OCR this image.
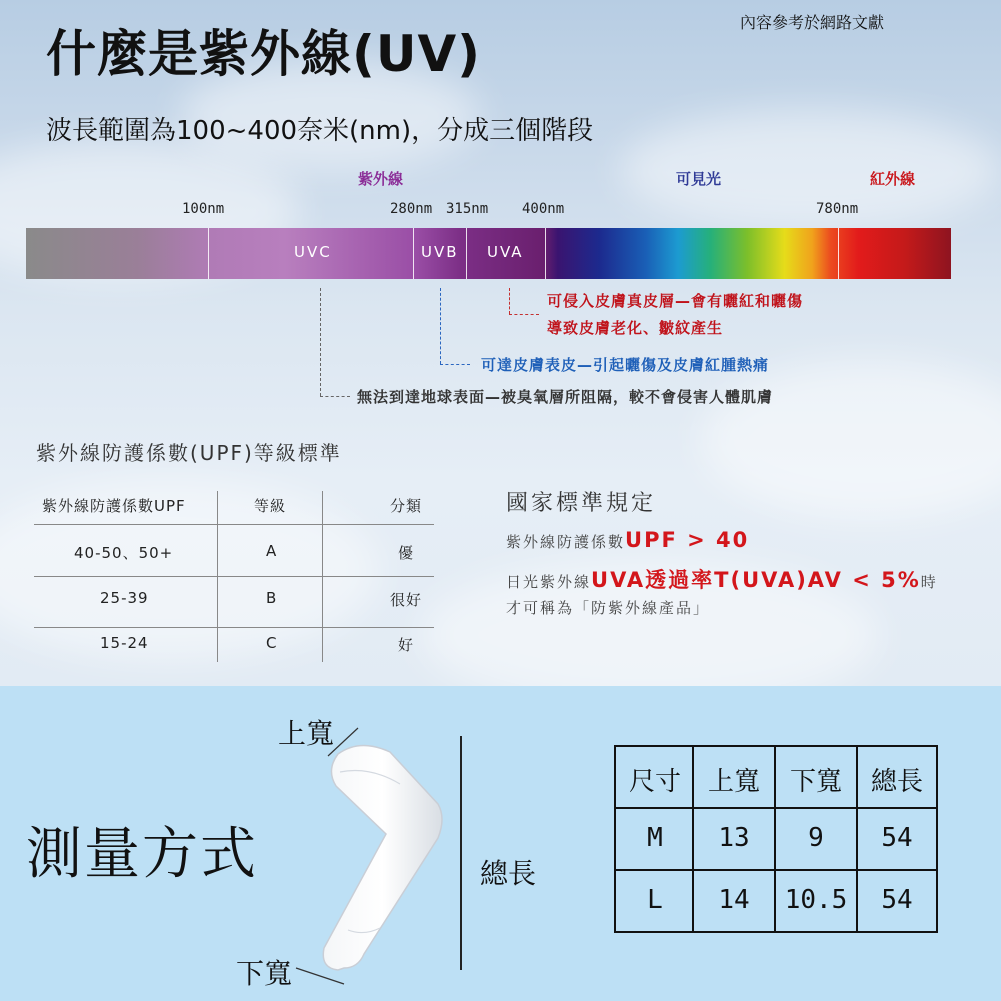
什麼是紫外線(UV)
內容參考於網路文獻
波長範圍為100~400奈米(nm)，分成三個階段
紫外線	可見光	紅外線
100nm	280nm 315nm 400nm	780nm
UVC	UVB UVA
可侵入皮膚真皮層—會有曬紅和曬傷
導致皮膚老化、皺紋產生
可達皮膚表皮—引起曬傷及皮膚紅腫熱痛
無法到達地球表面—被臭氧層所阻隔，較不會侵害人體肌膚
紫外線防護係數(UPF)等級標準
紫外線防護係數UPF	等級	分類
40-50、50+	A	優
25-39	B	很好
15-24	C	好
國家標準規定
紫外線防護係數UPF > 40
日光紫外線UVA透過率T(UVA)AV < 5%時
才可稱為「防紫外線產品」
測量方式
上寬
下寬
總長
尺寸	上寬	下寬	總長
M	13	9	54
L	14	10.5	54
